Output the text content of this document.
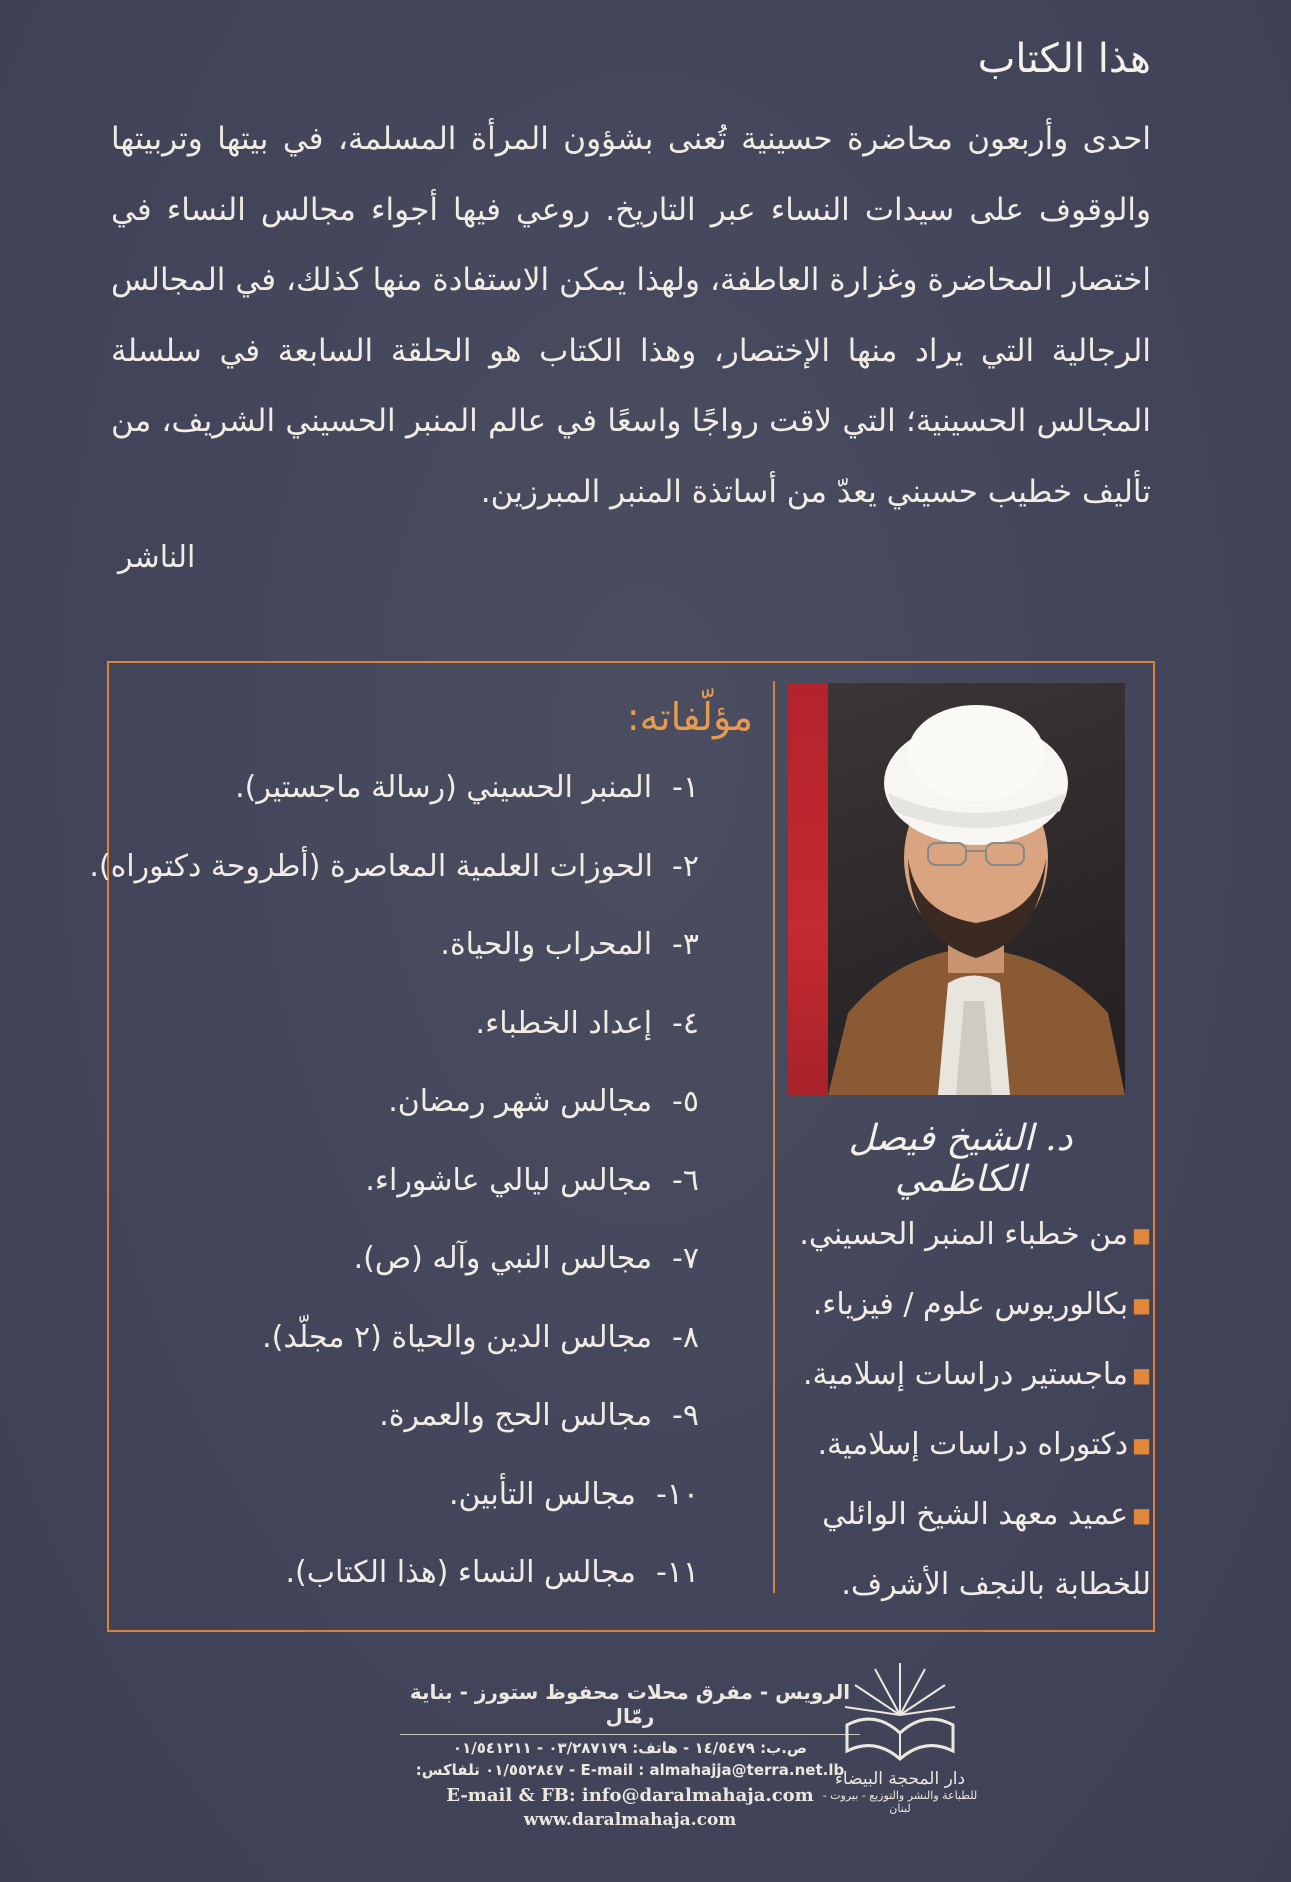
هذا الكتاب

احدى وأربعون محاضرة حسينية تُعنى بشؤون المرأة المسلمة، في بيتها وتربيتها والوقوف على سيدات النساء عبر التاريخ. روعي فيها أجواء مجالس النساء في اختصار المحاضرة وغزارة العاطفة، ولهذا يمكن الاستفادة منها كذلك، في المجالس الرجالية التي يراد منها الإختصار، وهذا الكتاب هو الحلقة السابعة في سلسلة المجالس الحسينية؛ التي لاقت رواجًا واسعًا في عالم المنبر الحسيني الشريف، من تأليف خطيب حسيني يعدّ من أساتذة المنبر المبرزين.

الناشر
مؤلّفاته:
١-
المنبر الحسيني (رسالة ماجستير).
٢-
الحوزات العلمية المعاصرة (أطروحة دكتوراه).
٣-
المحراب والحياة.
٤-
إعداد الخطباء.
٥-
مجالس شهر رمضان.
٦-
مجالس ليالي عاشوراء.
٧-
مجالس النبي وآله (ص).
٨-
مجالس الدين والحياة (٢ مجلّد).
٩-
مجالس الحج والعمرة.
١٠-
مجالس التأبين.
١١-
مجالس النساء (هذا الكتاب).
د. الشيخ فيصل الكاظمي
■من خطباء المنبر الحسيني.
■بكالوريوس علوم / فيزياء.
■ماجستير دراسات إسلامية.
■دكتوراه دراسات إسلامية.
■عميد معهد الشيخ الوائلي
للخطابة بالنجف الأشرف.
الرويس - مفرق محلات محفوظ ستورز - بناية رمّال
ص.ب: ١٤/٥٤٧٩ - هاتف: ٠٣/٢٨٧١٧٩ - ٠١/٥٤١٢١١
E-mail : almahajja@terra.net.lb - ٠١/٥٥٢٨٤٧ تلفاكس:
E-mail & FB: info@daralmahaja.com
www.daralmahaja.com
دار المحجة البيضاء
للطباعة والنشر والتوزيع - بيروت - لبنان
